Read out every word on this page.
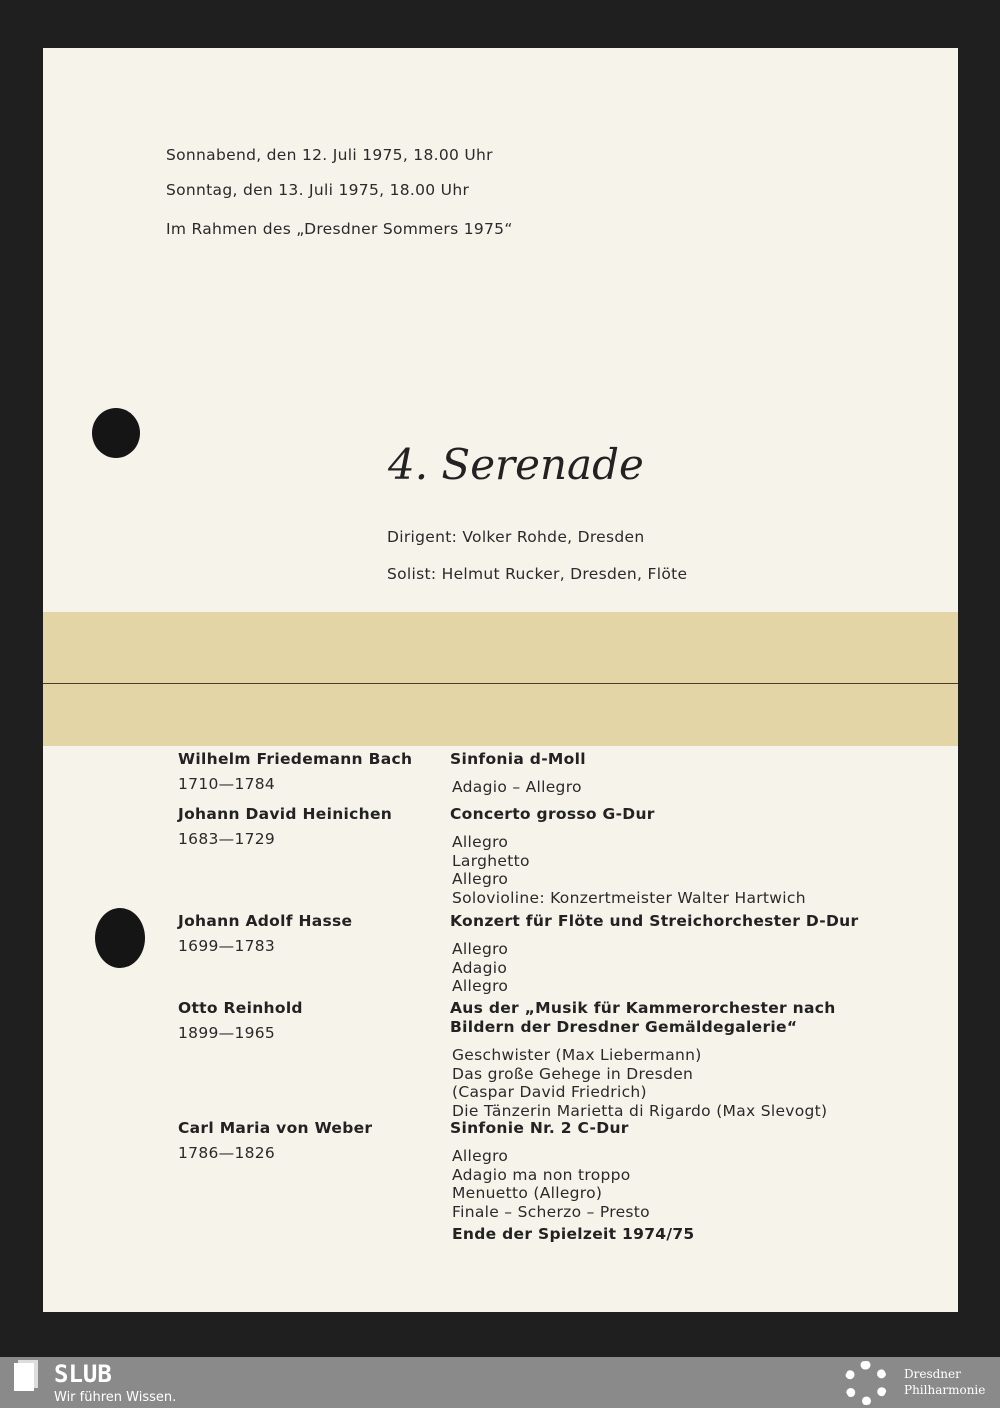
Sonnabend, den 12. Juli 1975, 18.00 Uhr
Sonntag, den 13. Juli 1975, 18.00 Uhr
Im Rahmen des „Dresdner Sommers 1975“
4. Serenade
Dirigent: Volker Rohde, Dresden
Solist: Helmut Rucker, Dresden, Flöte
Wilhelm Friedemann Bach
1710—1784
Sinfonia d-Moll
Adagio – Allegro
Johann David Heinichen
1683—1729
Concerto grosso G-Dur
Allegro
Larghetto
Allegro
Solovioline: Konzertmeister Walter Hartwich
Johann Adolf Hasse
1699—1783
Konzert für Flöte und Streichorchester D-Dur
Allegro
Adagio
Allegro
Otto Reinhold
1899—1965
Aus der „Musik für Kammerorchester nach
Bildern der Dresdner Gemäldegalerie“
Geschwister (Max Liebermann)
Das große Gehege in Dresden
(Caspar David Friedrich)
Die Tänzerin Marietta di Rigardo (Max Slevogt)
Carl Maria von Weber
1786—1826
Sinfonie Nr. 2 C-Dur
Allegro
Adagio ma non troppo
Menuetto (Allegro)
Finale – Scherzo – Presto
Ende der Spielzeit 1974/75
SLUB
Wir führen Wissen.
Dresdner
Philharmonie
